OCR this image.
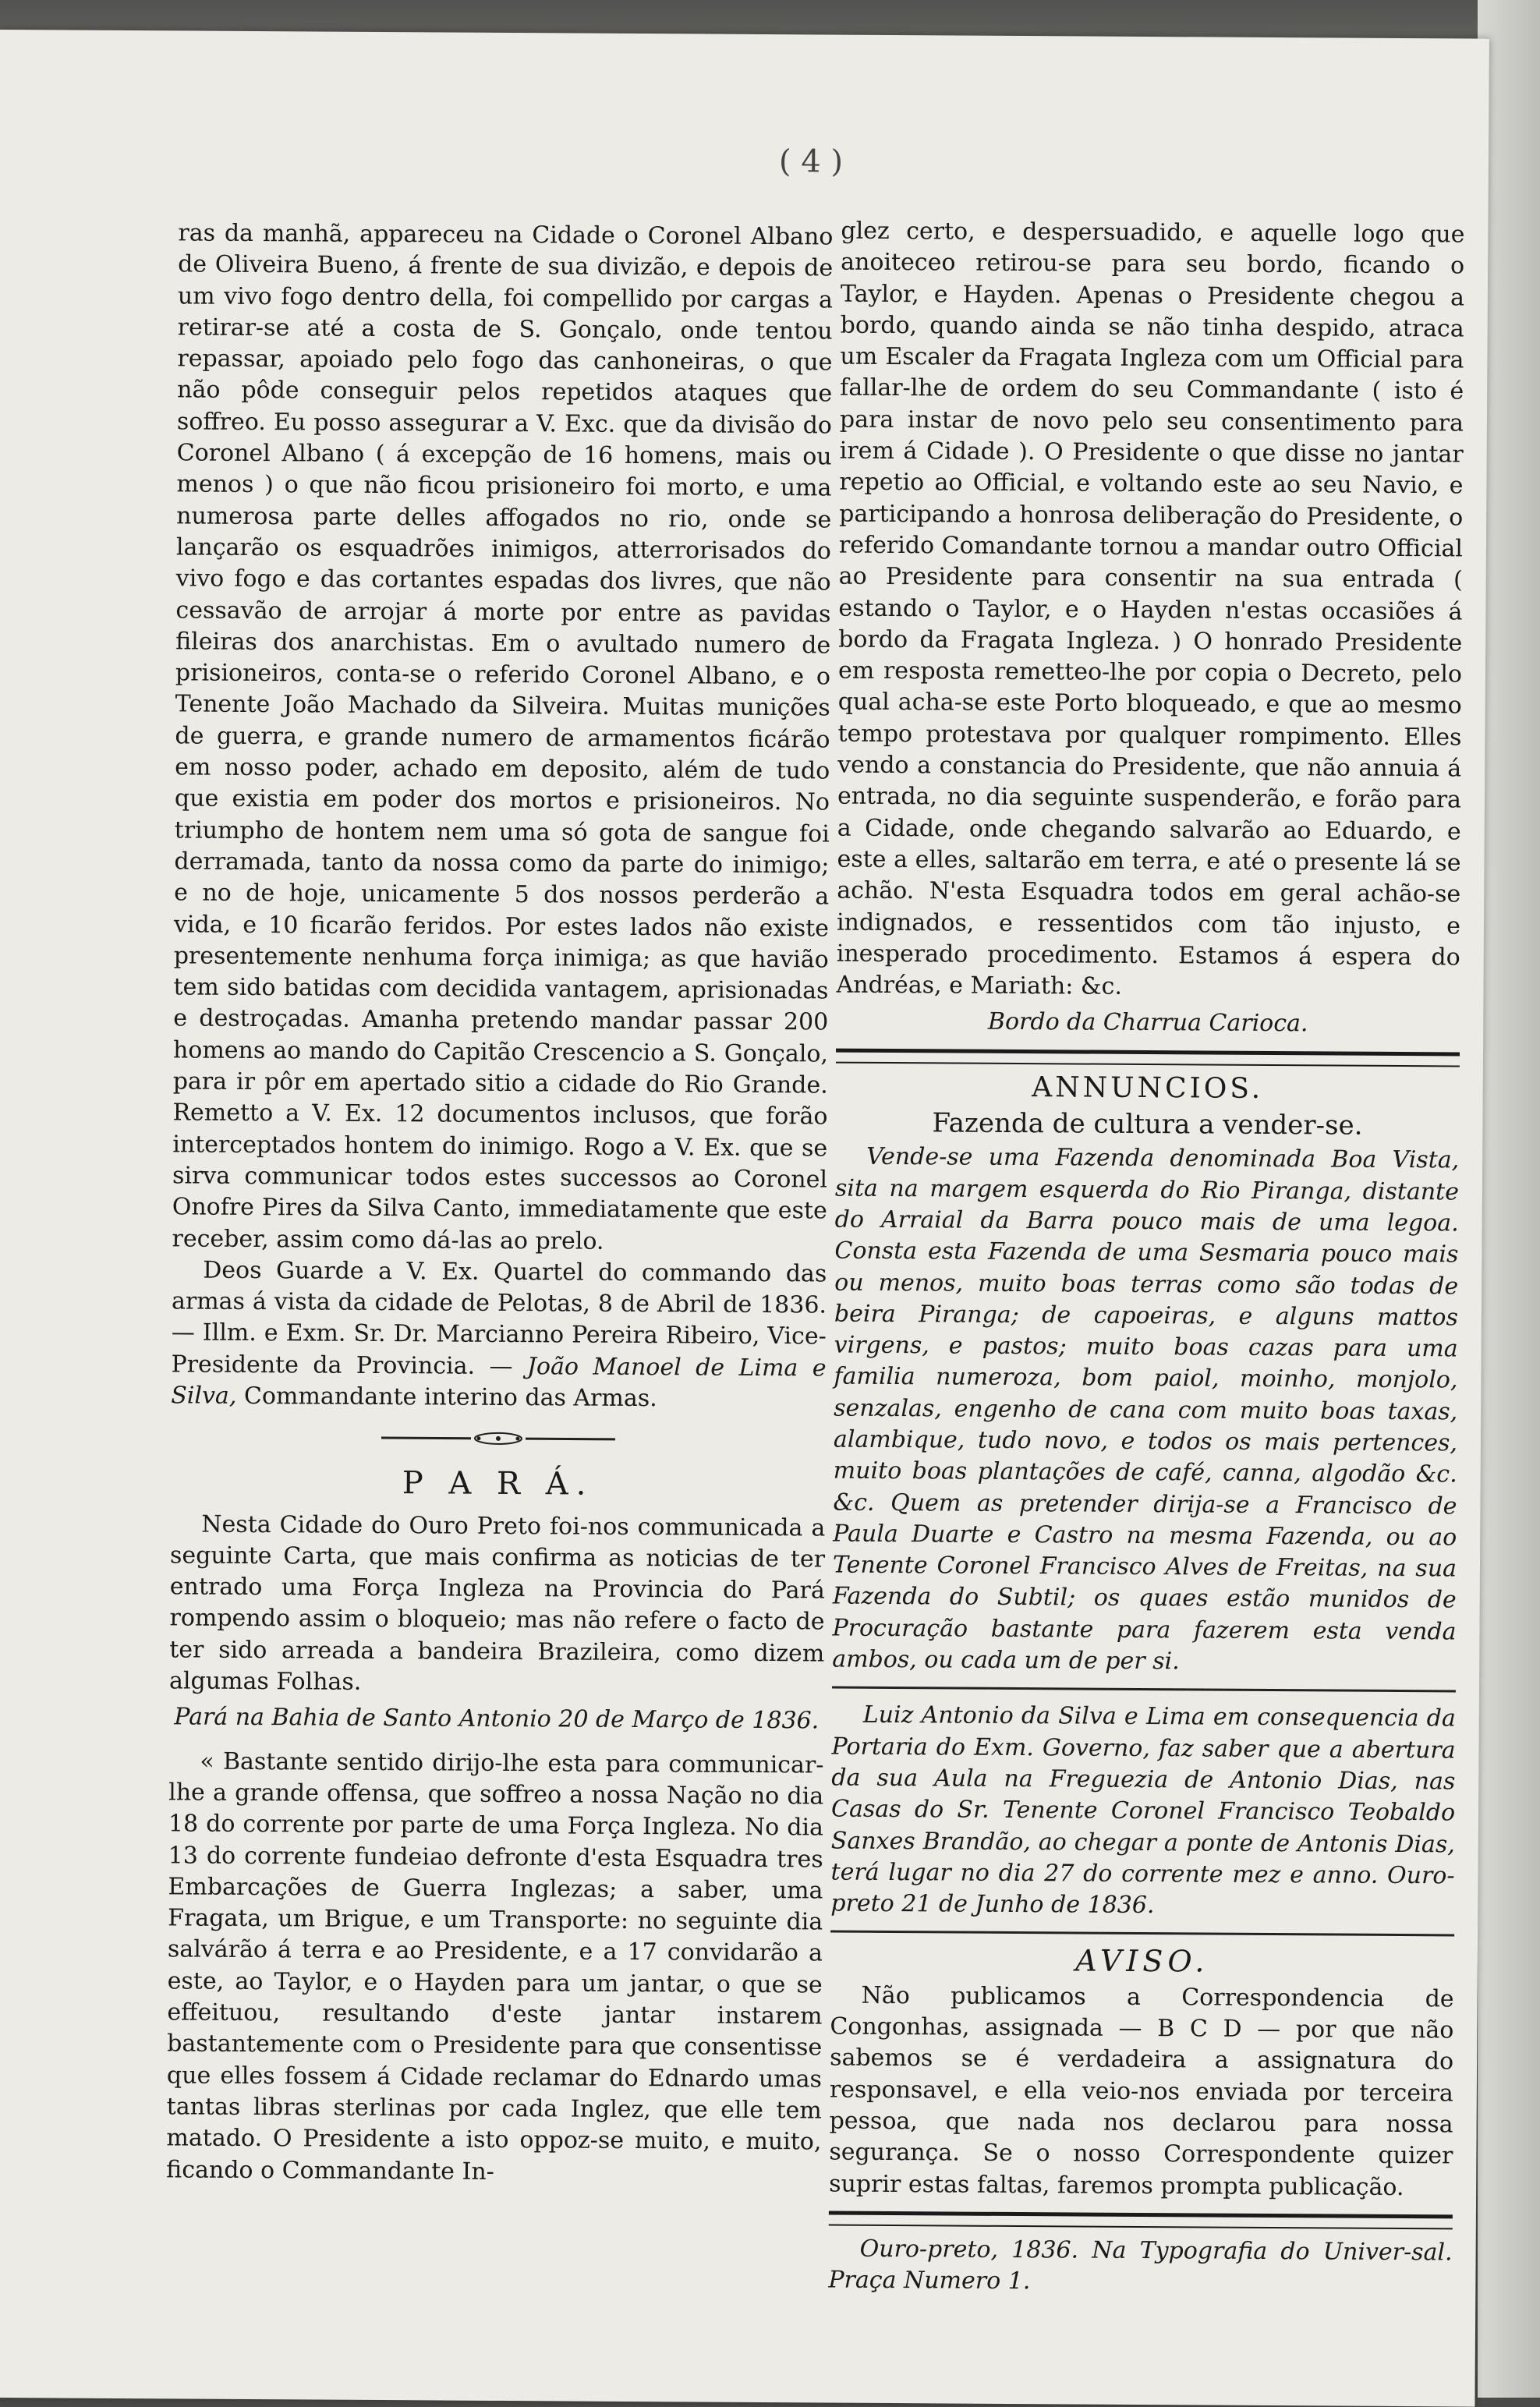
( 4 )

ras da manhã, appareceu na Cidade o Coronel Albano de Oliveira Bueno, á frente de sua divizão, e depois de um vivo fogo dentro della, foi compellido por cargas a retirar-se até a costa de S. Gonçalo, onde tentou repassar, apoiado pelo fogo das canhoneiras, o que não pôde conseguir pelos repetidos ataques que soffreo. Eu posso assegurar a V. Exc. que da divisão do Coronel Albano ( á excepção de 16 homens, mais ou menos ) o que não ficou prisioneiro foi morto, e uma numerosa parte delles affogados no rio, onde se lançarão os esquadrões inimigos, atterrorisados do vivo fogo e das cortantes espadas dos livres, que não cessavão de arrojar á morte por entre as pavidas fileiras dos anarchistas. Em o avultado numero de prisioneiros, conta-se o referido Coronel Albano, e o Tenente João Machado da Silveira. Muitas munições de guerra, e grande numero de armamentos ficárão em nosso poder, achado em deposito, além de tudo que existia em poder dos mortos e prisioneiros. No triumpho de hontem nem uma só gota de sangue foi derramada, tanto da nossa como da parte do inimigo; e no de hoje, unicamente 5 dos nossos perderão a vida, e 10 ficarão feridos. Por estes lados não existe presentemente nenhuma força inimiga; as que havião tem sido batidas com decidida vantagem, aprisionadas e destroçadas. Amanha pretendo mandar passar 200 homens ao mando do Capitão Crescencio a S. Gonçalo, para ir pôr em apertado sitio a cidade do Rio Grande. Remetto a V. Ex. 12 documentos inclusos, que forão interceptados hontem do inimigo. Rogo a V. Ex. que se sirva communicar todos estes successos ao Coronel Onofre Pires da Silva Canto, immediatamente que este receber, assim como dá-las ao prelo.

Deos Guarde a V. Ex. Quartel do commando das armas á vista da cidade de Pelotas, 8 de Abril de 1836. — Illm. e Exm. Sr. Dr. Marcianno Pereira Ribeiro, Vice-Presidente da Provincia. — João Manoel de Lima e Silva, Commandante interino das Armas.

P A R Á.

Nesta Cidade do Ouro Preto foi-nos communicada a seguinte Carta, que mais confirma as noticias de ter entrado uma Força Ingleza na Provincia do Pará rompendo assim o bloqueio; mas não refere o facto de ter sido arreada a bandeira Brazileira, como dizem algumas Folhas.

Pará na Bahia de Santo Antonio 20 de Março de 1836.

« Bastante sentido dirijo-lhe esta para communicar-lhe a grande offensa, que soffreo a nossa Nação no dia 18 do corrente por parte de uma Força Ingleza. No dia 13 do corrente fundeiao defronte d'esta Esquadra tres Embarcações de Guerra Inglezas; a saber, uma Fragata, um Brigue, e um Transporte: no seguinte dia salvárão á terra e ao Presidente, e a 17 convidarão a este, ao Taylor, e o Hayden para um jantar, o que se effeituou, resultando d'este jantar instarem bastantemente com o Presidente para que consentisse que elles fossem á Cidade reclamar do Ednardo umas tantas libras sterlinas por cada Inglez, que elle tem matado. O Presidente a isto oppoz-se muito, e muito, ficando o Commandante In-

glez certo, e despersuadido, e aquelle logo que anoiteceo retirou-se para seu bordo, ficando o Taylor, e Hayden. Apenas o Presidente chegou a bordo, quando ainda se não tinha despido, atraca um Escaler da Fragata Ingleza com um Official para fallar-lhe de ordem do seu Commandante ( isto é para instar de novo pelo seu consentimento para irem á Cidade ). O Presidente o que disse no jantar repetio ao Official, e voltando este ao seu Navio, e participando a honrosa deliberação do Presidente, o referido Comandante tornou a mandar outro Official ao Presidente para consentir na sua entrada ( estando o Taylor, e o Hayden n'estas occasiões á bordo da Fragata Ingleza. ) O honrado Presidente em resposta remetteo-lhe por copia o Decreto, pelo qual acha-se este Porto bloqueado, e que ao mesmo tempo protestava por qualquer rompimento. Elles vendo a constancia do Presidente, que não annuia á entrada, no dia seguinte suspenderão, e forão para a Cidade, onde chegando salvarão ao Eduardo, e este a elles, saltarão em terra, e até o presente lá se achão. N'esta Esquadra todos em geral achão-se indignados, e ressentidos com tão injusto, e inesperado procedimento. Estamos á espera do Andréas, e Mariath: &c.

Bordo da Charrua Carioca.
ANNUNCIOS.
Fazenda de cultura a vender-se.

Vende-se uma Fazenda denominada Boa Vista, sita na margem esquerda do Rio Piranga, distante do Arraial da Barra pouco mais de uma legoa. Consta esta Fazenda de uma Sesmaria pouco mais ou menos, muito boas terras como são todas de beira Piranga; de capoeiras, e alguns mattos virgens, e pastos; muito boas cazas para uma familia numeroza, bom paiol, moinho, monjolo, senzalas, engenho de cana com muito boas taxas, alambique, tudo novo, e todos os mais pertences, muito boas plantações de café, canna, algodão &c. &c. Quem as pretender dirija-se a Francisco de Paula Duarte e Castro na mesma Fazenda, ou ao Tenente Coronel Francisco Alves de Freitas, na sua Fazenda do Subtil; os quaes estão munidos de Procuração bastante para fazerem esta venda ambos, ou cada um de per si.

Luiz Antonio da Silva e Lima em consequencia da Portaria do Exm. Governo, faz saber que a abertura da sua Aula na Freguezia de Antonio Dias, nas Casas do Sr. Tenente Coronel Francisco Teobaldo Sanxes Brandão, ao chegar a ponte de Antonis Dias, terá lugar no dia 27 do corrente mez e anno. Ouro-preto 21 de Junho de 1836.

AVISO.

Não publicamos a Correspondencia de Congonhas, assignada — B C D — por que não sabemos se é verdadeira a assignatura do responsavel, e ella veio-nos enviada por terceira pessoa, que nada nos declarou para nossa segurança. Se o nosso Correspondente quizer suprir estas faltas, faremos prompta publicação.

Ouro-preto, 1836. Na Typografia do Univer-sal. Praça Numero 1.
